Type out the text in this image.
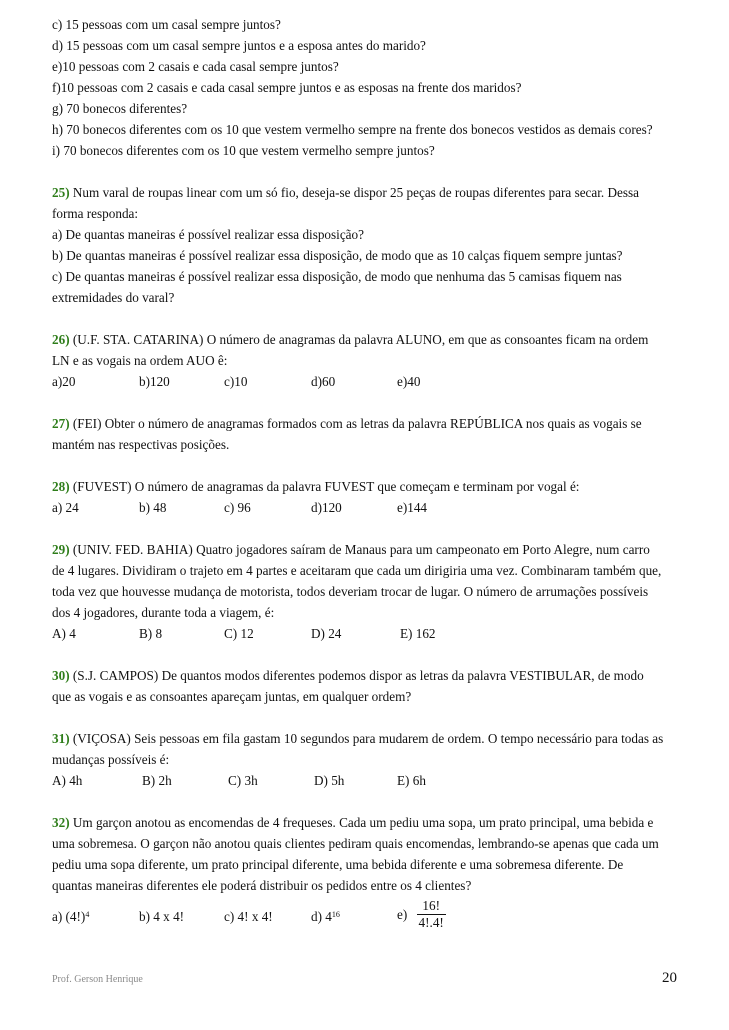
c) 15 pessoas com um casal sempre juntos?
d) 15 pessoas com um casal sempre juntos e a esposa antes do marido?
e)10 pessoas com 2 casais e cada casal sempre juntos?
f)10 pessoas com 2 casais e cada casal sempre juntos e as esposas na frente dos maridos?
g) 70 bonecos diferentes?
h) 70 bonecos diferentes com os 10 que vestem vermelho sempre na frente dos bonecos vestidos as demais cores?
i) 70 bonecos diferentes com os 10 que vestem vermelho sempre juntos?
25) Num varal de roupas linear com um só fio, deseja-se dispor 25 peças de roupas diferentes para secar. Dessa
forma responda:
a) De quantas maneiras é possível realizar essa disposição?
b) De quantas maneiras é possível realizar essa disposição, de modo que as 10 calças fiquem sempre juntas?
c) De quantas maneiras é possível realizar essa disposição, de modo que nenhuma das 5 camisas fiquem nas
extremidades do varal?
26) (U.F. STA. CATARINA) O número de anagramas da palavra ALUNO, em que as consoantes ficam na ordem
LN e as vogais na ordem AUO ê:
a)20	b)120	c)10	d)60	e)40
27) (FEI) Obter o número de anagramas formados com as letras da palavra REPÚBLICA nos quais as vogais se
mantém nas respectivas posições.
28) (FUVEST) O número de anagramas da palavra FUVEST que começam e terminam por vogal é:
a) 24	b) 48	c) 96	d)120	e)144
29) (UNIV. FED. BAHIA) Quatro jogadores saíram de Manaus para um campeonato em Porto Alegre, num carro
de 4 lugares. Dividiram o trajeto em 4 partes e aceitaram que cada um dirigiria uma vez. Combinaram também que,
toda vez que houvesse mudança de motorista, todos deveriam trocar de lugar. O número de arrumações possíveis
dos 4 jogadores, durante toda a viagem, é:
A) 4	B) 8	C) 12	D) 24	E) 162
30) (S.J. CAMPOS) De quantos modos diferentes podemos dispor as letras da palavra VESTIBULAR, de modo
que as vogais e as consoantes apareçam juntas, em qualquer ordem?
31) (VIÇOSA) Seis pessoas em fila gastam 10 segundos para mudarem de ordem. O tempo necessário para todas as
mudanças possíveis é:
A) 4h	B) 2h	C) 3h	D) 5h	E) 6h
32) Um garçon anotou as encomendas de 4 frequeses. Cada um pediu uma sopa, um prato principal, uma bebida e
uma sobremesa. O garçon não anotou quais clientes pediram quais encomendas, lembrando-se apenas que cada um
pediu uma sopa diferente, um prato principal diferente, uma bebida diferente e uma sobremesa diferente. De
quantas maneiras diferentes ele poderá distribuir os pedidos entre os 4 clientes?
a) $(4!)^4$	b) 4 x 4!	c) 4! x 4!	d) $4^{16}$	$e) \frac{16!}{4!.4!}$
Prof. Gerson Henrique	20
